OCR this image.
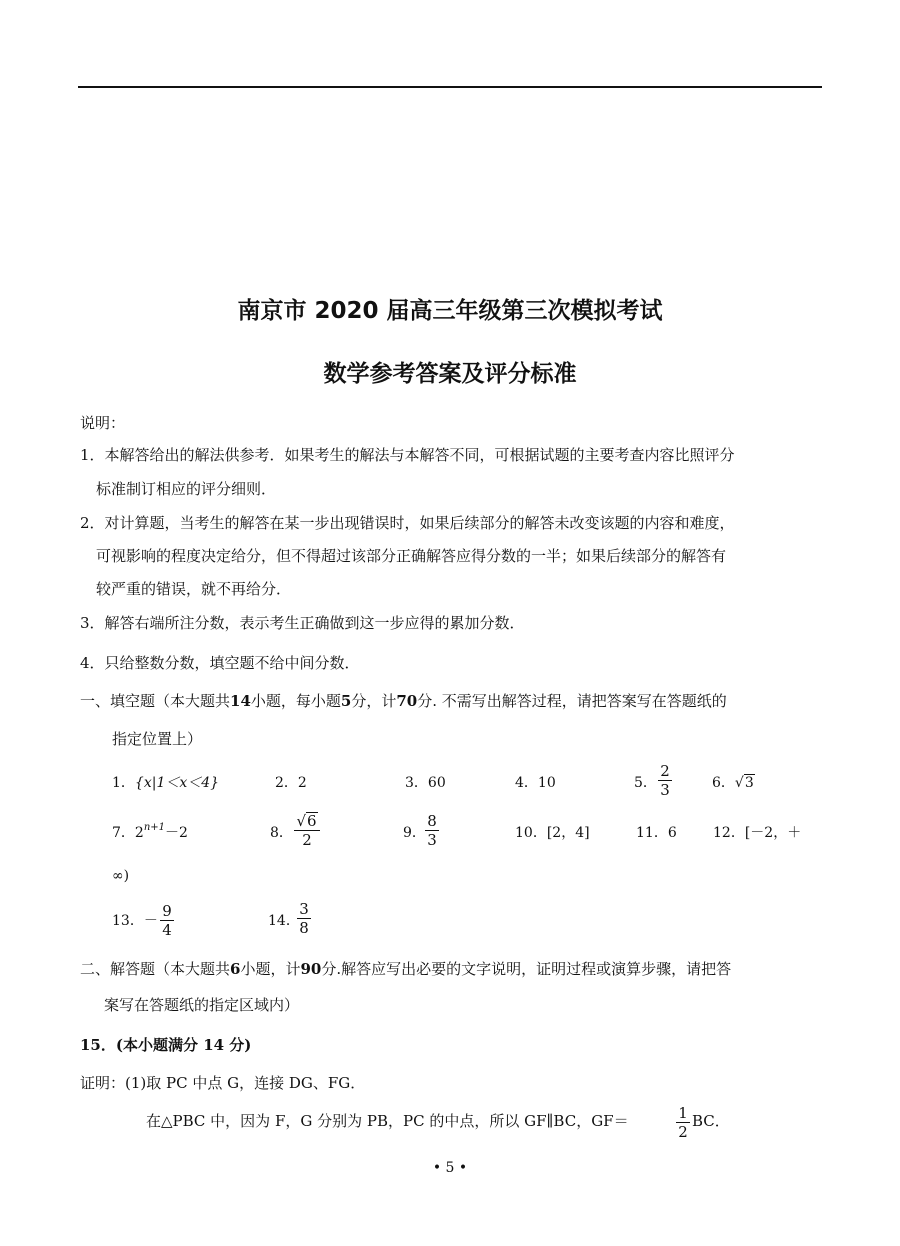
南京市 2020 届高三年级第三次模拟考试
数学参考答案及评分标准
说明：
1．本解答给出的解法供参考．如果考生的解法与本解答不同，可根据试题的主要考查内容比照评分
标准制订相应的评分细则．
2．对计算题，当考生的解答在某一步出现错误时，如果后续部分的解答未改变该题的内容和难度，
可视影响的程度决定给分，但不得超过该部分正确解答应得分数的一半；如果后续部分的解答有
较严重的错误，就不再给分．
3．解答右端所注分数，表示考生正确做到这一步应得的累加分数．
4．只给整数分数，填空题不给中间分数．
一、填空题（本大题共14小题，每小题5分，计70分. 不需写出解答过程，请把答案写在答题纸的
指定位置上）
1．{x|1＜x＜4}	2．2	3．60	4．10	5． $\frac{2}{3}$	6．√3
7．$2^{n+1}-2$	8． $\frac{√6}{2}$	9． $\frac{8}{3}$	10．[2，4]	11．6	12．[－2，＋
∞)
13．－ $\frac{9}{4}$	14．
$\frac{3}{8}$
二、解答题（本大题共6小题，计90分.解答应写出必要的文字说明，证明过程或演算步骤，请把答
案写在答题纸的指定区域内）
15．(本小题满分 14 分)
证明：(1)取 PC 中点 G，连接 DG、FG．
在△PBC 中，因为 F，G 分别为 PB，PC 的中点，所以 GF∥BC，GF＝	$\frac{1}{2}$ BC．
• 5 •
